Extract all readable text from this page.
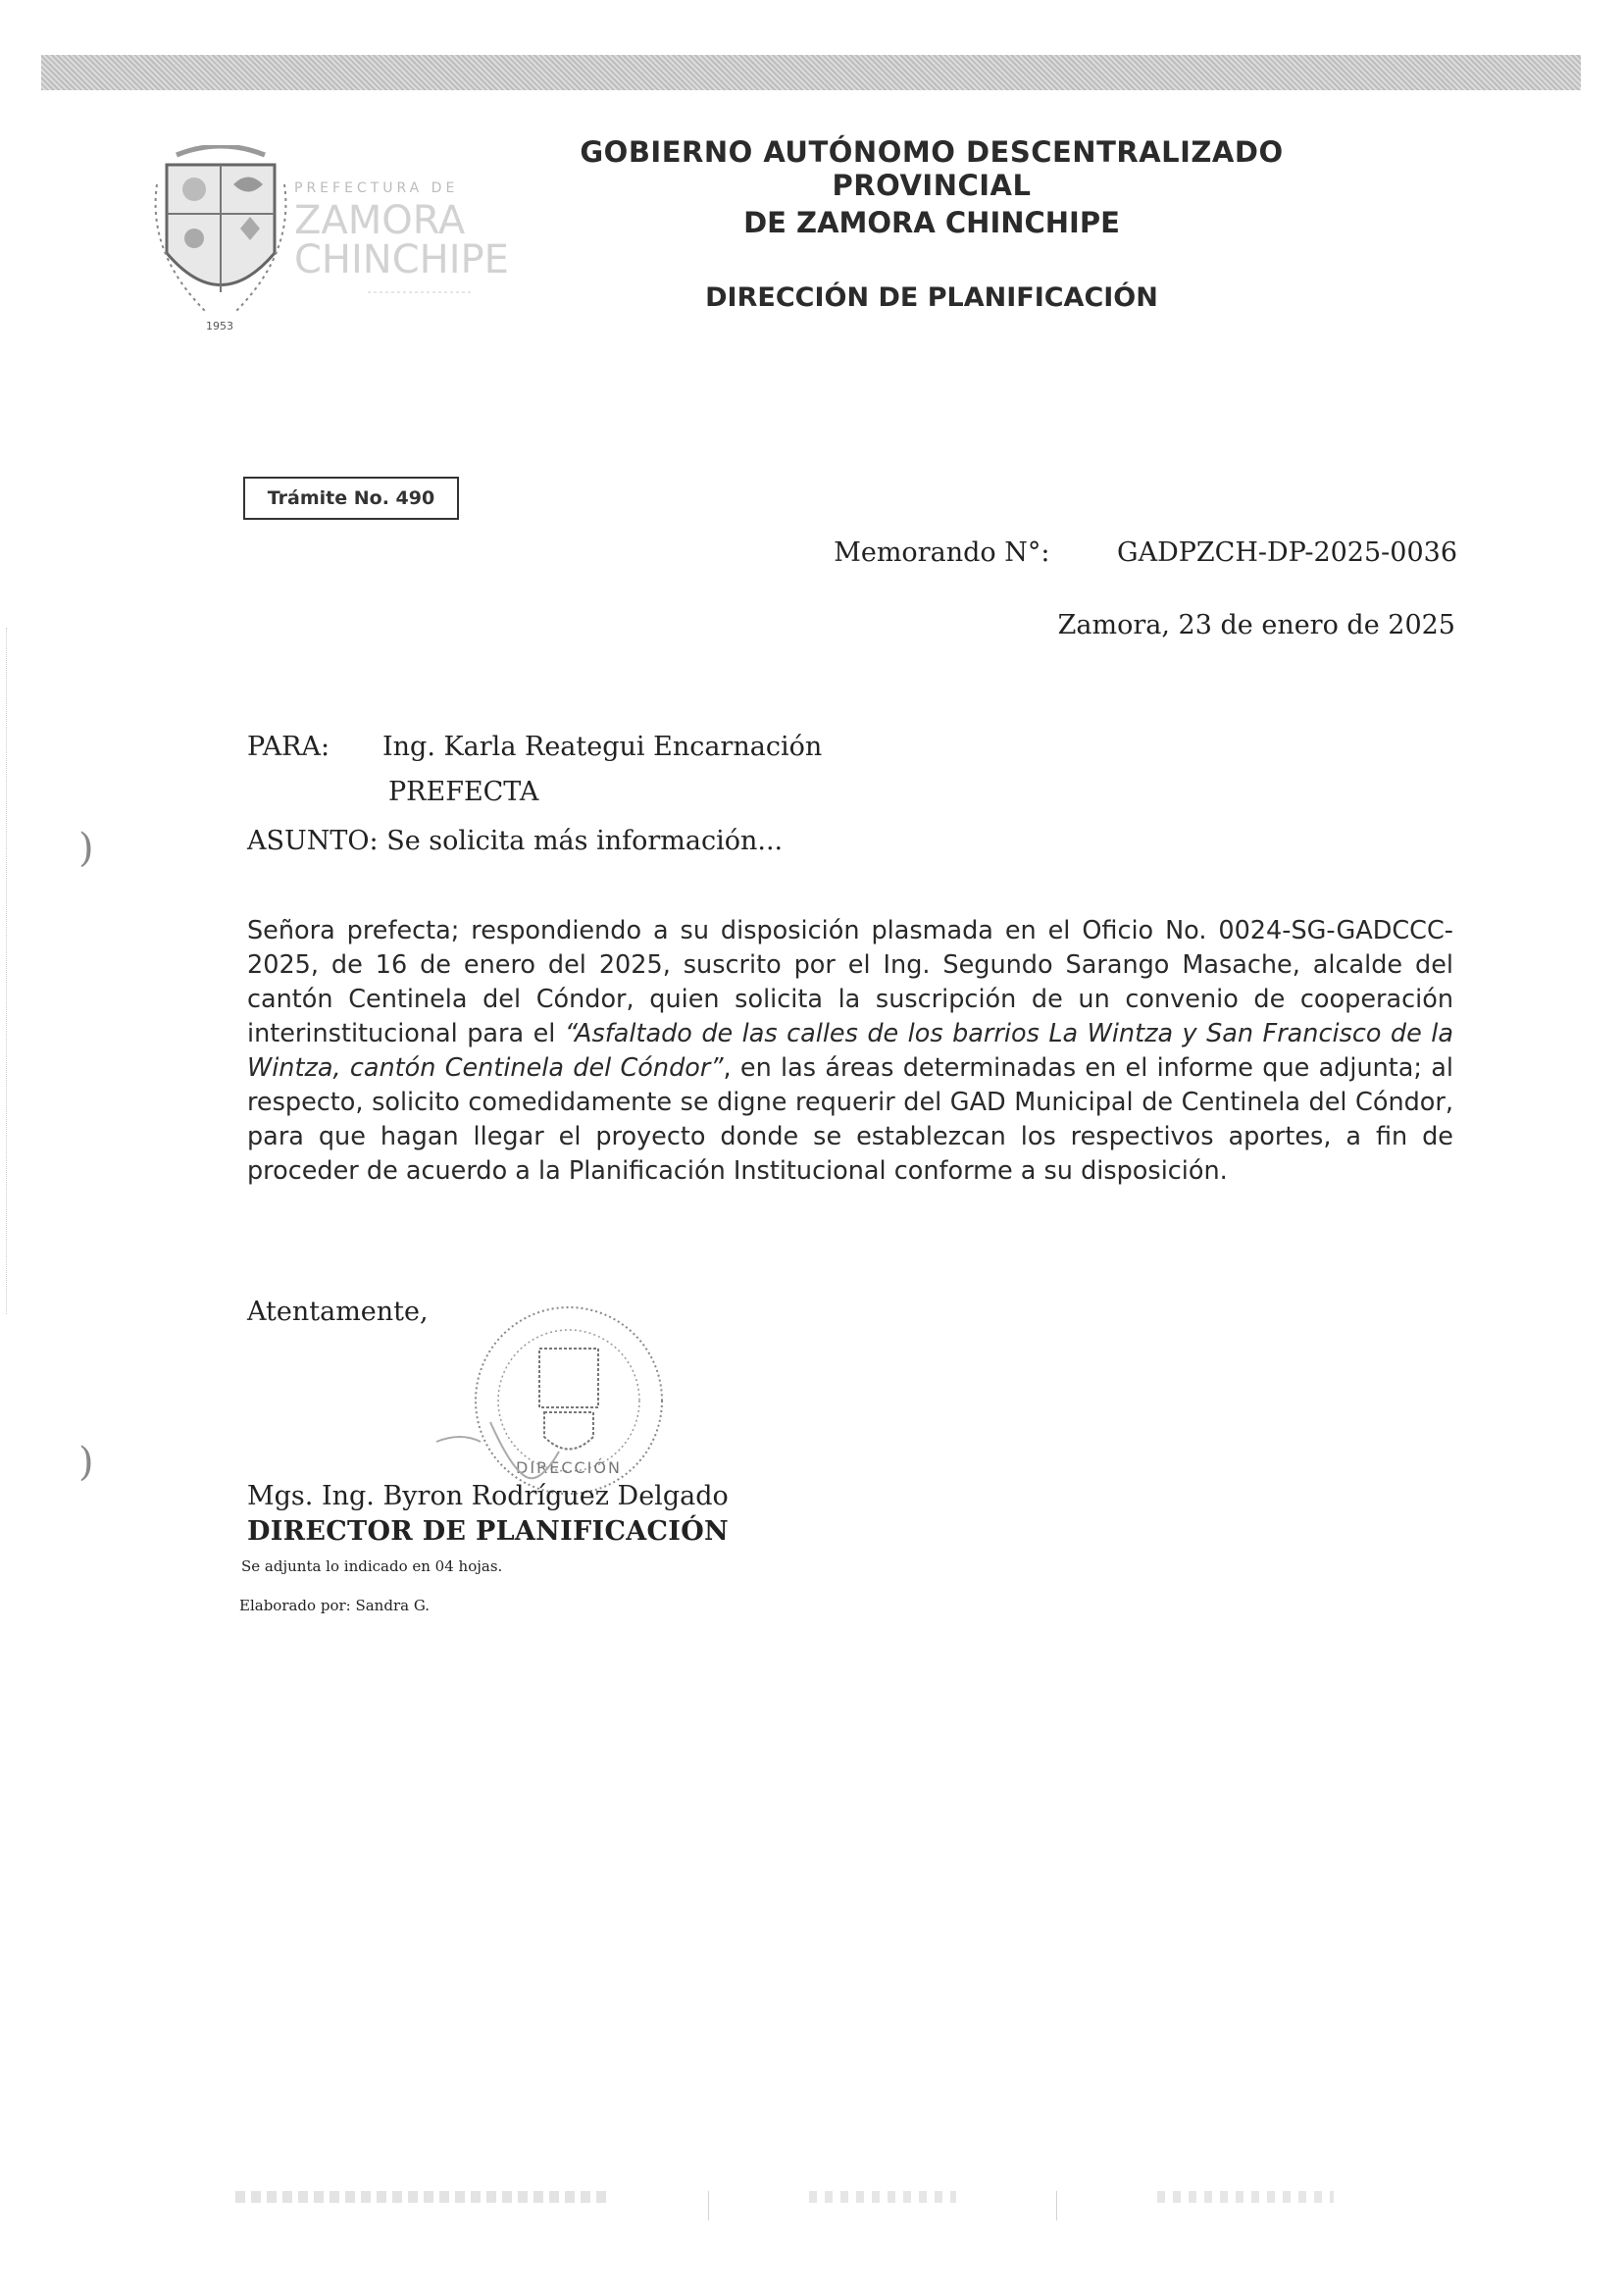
PREFECTURA DE
ZAMORA
CHINCHIPE
1953
GOBIERNO AUTÓNOMO DESCENTRALIZADO PROVINCIAL
DE ZAMORA CHINCHIPE
DIRECCIÓN DE PLANIFICACIÓN
Trámite No. 490
Memorando N°:	GADPZCH-DP-2025-0036
Zamora, 23 de enero de 2025
PARA: Ing. Karla Reategui Encarnación
PREFECTA
ASUNTO: Se solicita más información...
Señora prefecta; respondiendo a su disposición plasmada en el Oficio No. 0024-SG-GADCCC-2025, de 16 de enero del 2025, suscrito por el Ing. Segundo Sarango Masache, alcalde del cantón Centinela del Cóndor, quien solicita la suscripción de un convenio de cooperación interinstitucional para el “Asfaltado de las calles de los barrios La Wintza y San Francisco de la Wintza, cantón Centinela del Cóndor”, en las áreas determinadas en el informe que adjunta; al respecto, solicito comedidamente se digne requerir del GAD Municipal de Centinela del Cóndor, para que hagan llegar el proyecto donde se establezcan los respectivos aportes, a fin de proceder de acuerdo a la Planificación Institucional conforme a su disposición.
Atentamente,
DIRECCIÓN
Mgs. Ing. Byron Rodríguez Delgado
DIRECTOR DE PLANIFICACIÓN
Se adjunta lo indicado en 04 hojas.
Elaborado por: Sandra G.
)
)
